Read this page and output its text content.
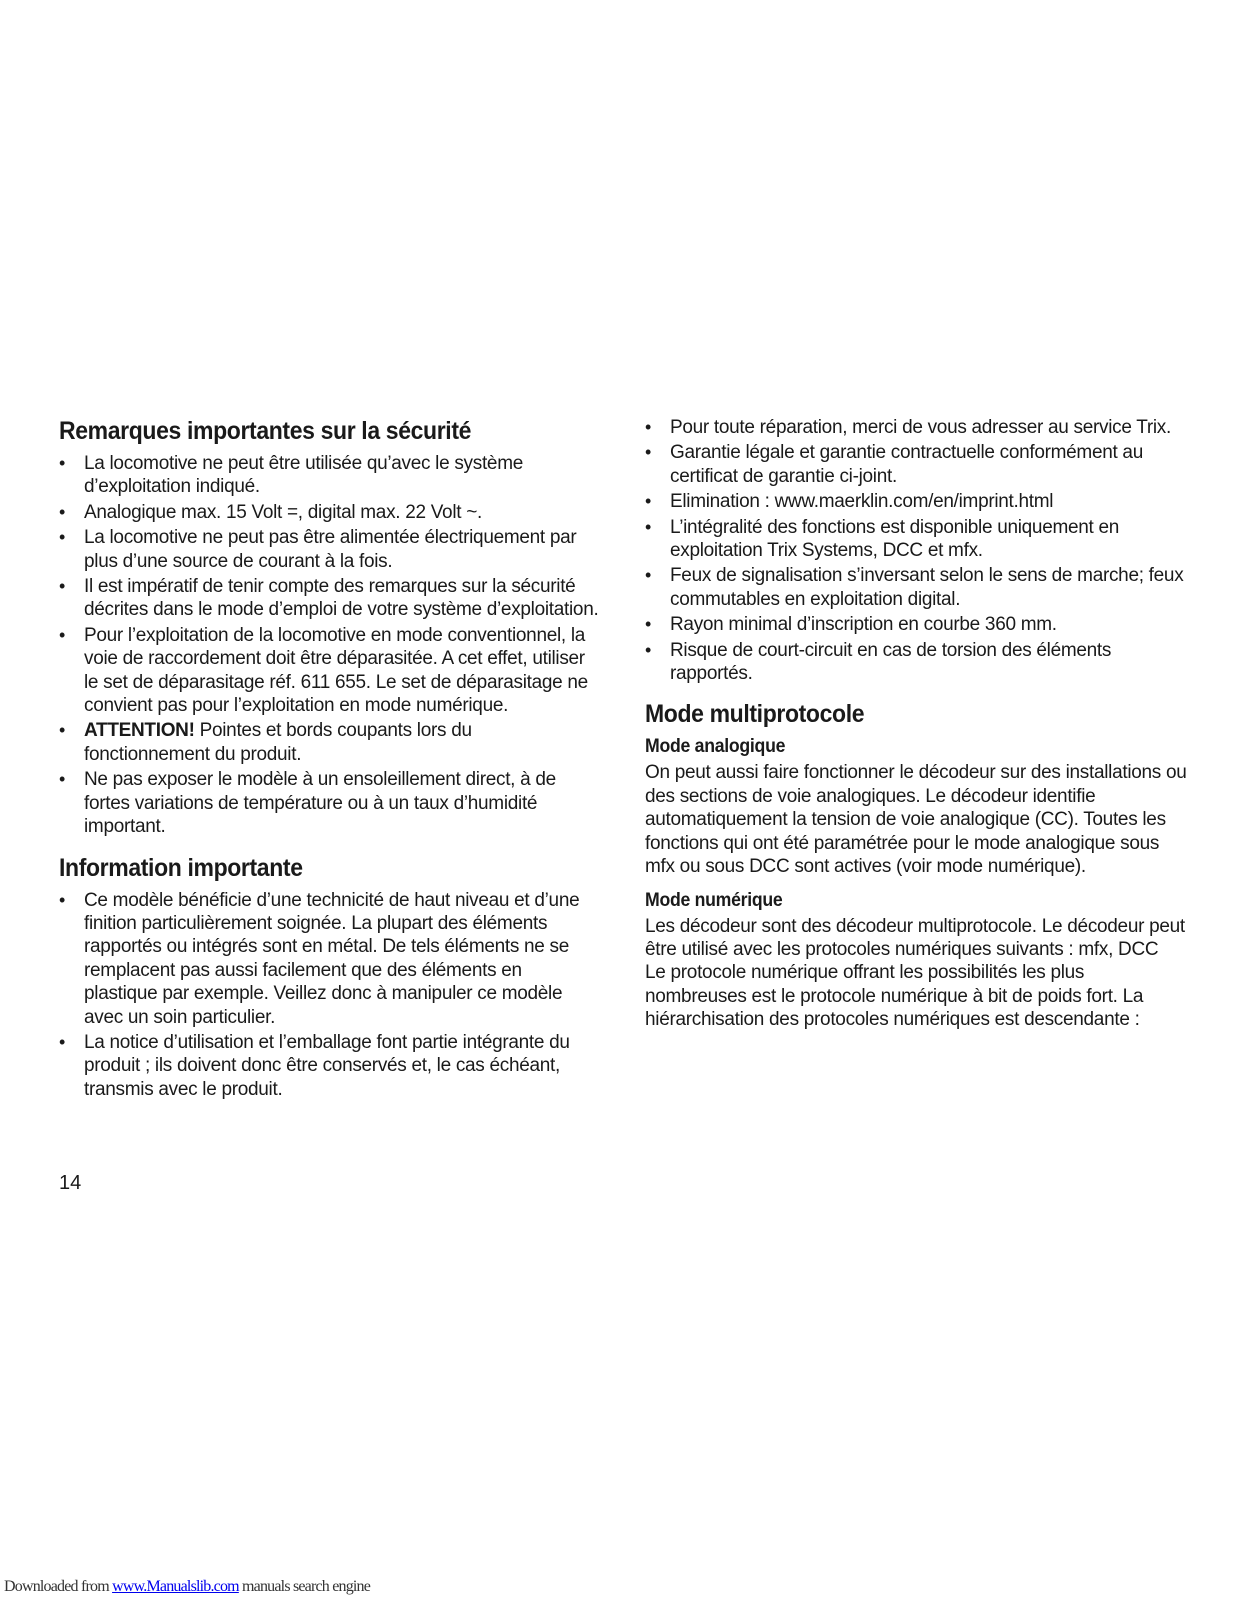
Remarques importantes sur la sécurité
• La locomotive ne peut être utilisée qu’avec le système d’exploitation indiqué.
• Analogique max. 15 Volt =, digital max. 22 Volt ~.
• La locomotive ne peut pas être alimentée électriquement par plus d’une source de courant à la fois.
• Il est impératif de tenir compte des remarques sur la sécurité décrites dans le mode d’emploi de votre système d’exploitation.
• Pour l’exploitation de la locomotive en mode conventionnel, la voie de raccordement doit être déparasitée. A cet effet, utiliser le set de déparasitage réf. 611 655. Le set de déparasitage ne convient pas pour l’exploitation en mode numérique.
• ATTENTION! Pointes et bords coupants lors du fonctionnement du produit.
• Ne pas exposer le modèle à un ensoleillement direct, à de fortes variations de température ou à un taux d’humidité important.
Information importante
• Ce modèle bénéficie d’une technicité de haut niveau et d’une finition particulièrement soignée. La plupart des éléments rapportés ou intégrés sont en métal. De tels éléments ne se remplacent pas aussi facilement que des éléments en plastique par exemple. Veillez donc à manipuler ce modèle avec un soin particulier.
• La notice d’utilisation et l’emballage font partie intégrante du produit ; ils doivent donc être conservés et, le cas échéant, transmis avec le produit.
• Pour toute réparation, merci de vous adresser au service Trix.
• Garantie légale et garantie contractuelle conformément au certificat de garantie ci-joint.
• Elimination : www.maerklin.com/en/imprint.html
• L’intégralité des fonctions est disponible uniquement en exploitation Trix Systems, DCC et mfx.
• Feux de signalisation s’inversant selon le sens de marche; feux commutables en exploitation digital.
• Rayon minimal d’inscription en courbe 360 mm.
• Risque de court-circuit en cas de torsion des éléments rapportés.
Mode multiprotocole
Mode analogique

On peut aussi faire fonctionner le décodeur sur des installations ou des sections de voie analogiques. Le décodeur identifie automatiquement la tension de voie analogique (CC). Toutes les fonctions qui ont été paramétrée pour le mode analogique sous mfx ou sous DCC sont actives (voir mode numérique).

Mode numérique

Les décodeur sont des décodeur multiprotocole. Le décodeur peut être utilisé avec les protocoles numériques suivants : mfx, DCC

Le protocole numérique offrant les possibilités les plus nombreuses est le protocole numérique à bit de poids fort. La hiérarchisation des protocoles numériques est descendante :

14
Downloaded from www.Manualslib.com manuals search engine
